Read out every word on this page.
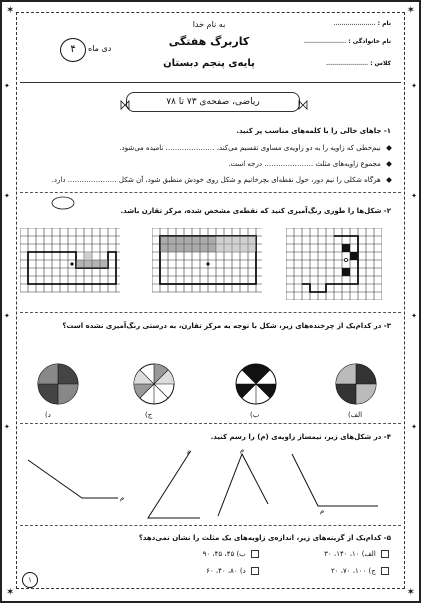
✶	✶
✶	✶
نام : …………………
نام خانوادگی : …………………
کلاس : …………………
به نام خدا
کاربرگ هفتگی
پایه‌ی پنجم دبستان
دی ماه
۴
ریاضی، صفحه‌ی ۷۳ تا ۷۸
۱- جاهای خالی را با کلمه‌های مناسب پر کنید.
نیم‌خطی که زاویه را به دو زاویه‌ی مساوی تقسیم می‌کند، ………………… نامیده می‌شود.
مجموع زاویه‌های مثلث ………………… درجه است.
هرگاه شکلی را نیم دور، حول نقطه‌ای بچرخانیم و شکل روی خودش منطبق شود، آن شکل ………………… دارد.
۲- شکل‌ها را طوری رنگ‌آمیزی کنید که نقطه‌ی مشخص شده، مرکز تقارن باشد.
۳- در کدام‌یک از چرخنده‌های زیر، شکل با توجه به مرکز تقارن، به درستی رنگ‌آمیزی نشده است؟
د)	ج)	ب)	الف)
۴- در شکل‌های زیر، نیمساز زاویه‌ی (م) را رسم کنید.
م
م	م
م
۵- کدام‌یک از گزینه‌های زیر، اندازه‌ی زاویه‌های یک مثلث را نشان نمی‌دهد؟
الف) ۱۰، ۱۴۰، ۳۰
ج) ۱۰۰، ۷۰، ۲۰
ب) ۴۵، ۴۵، ۹۰
د) ۸۰، ۴۰، ۶۰
۱
✦
✦
✦
✦
✦
✦
✦
✦
